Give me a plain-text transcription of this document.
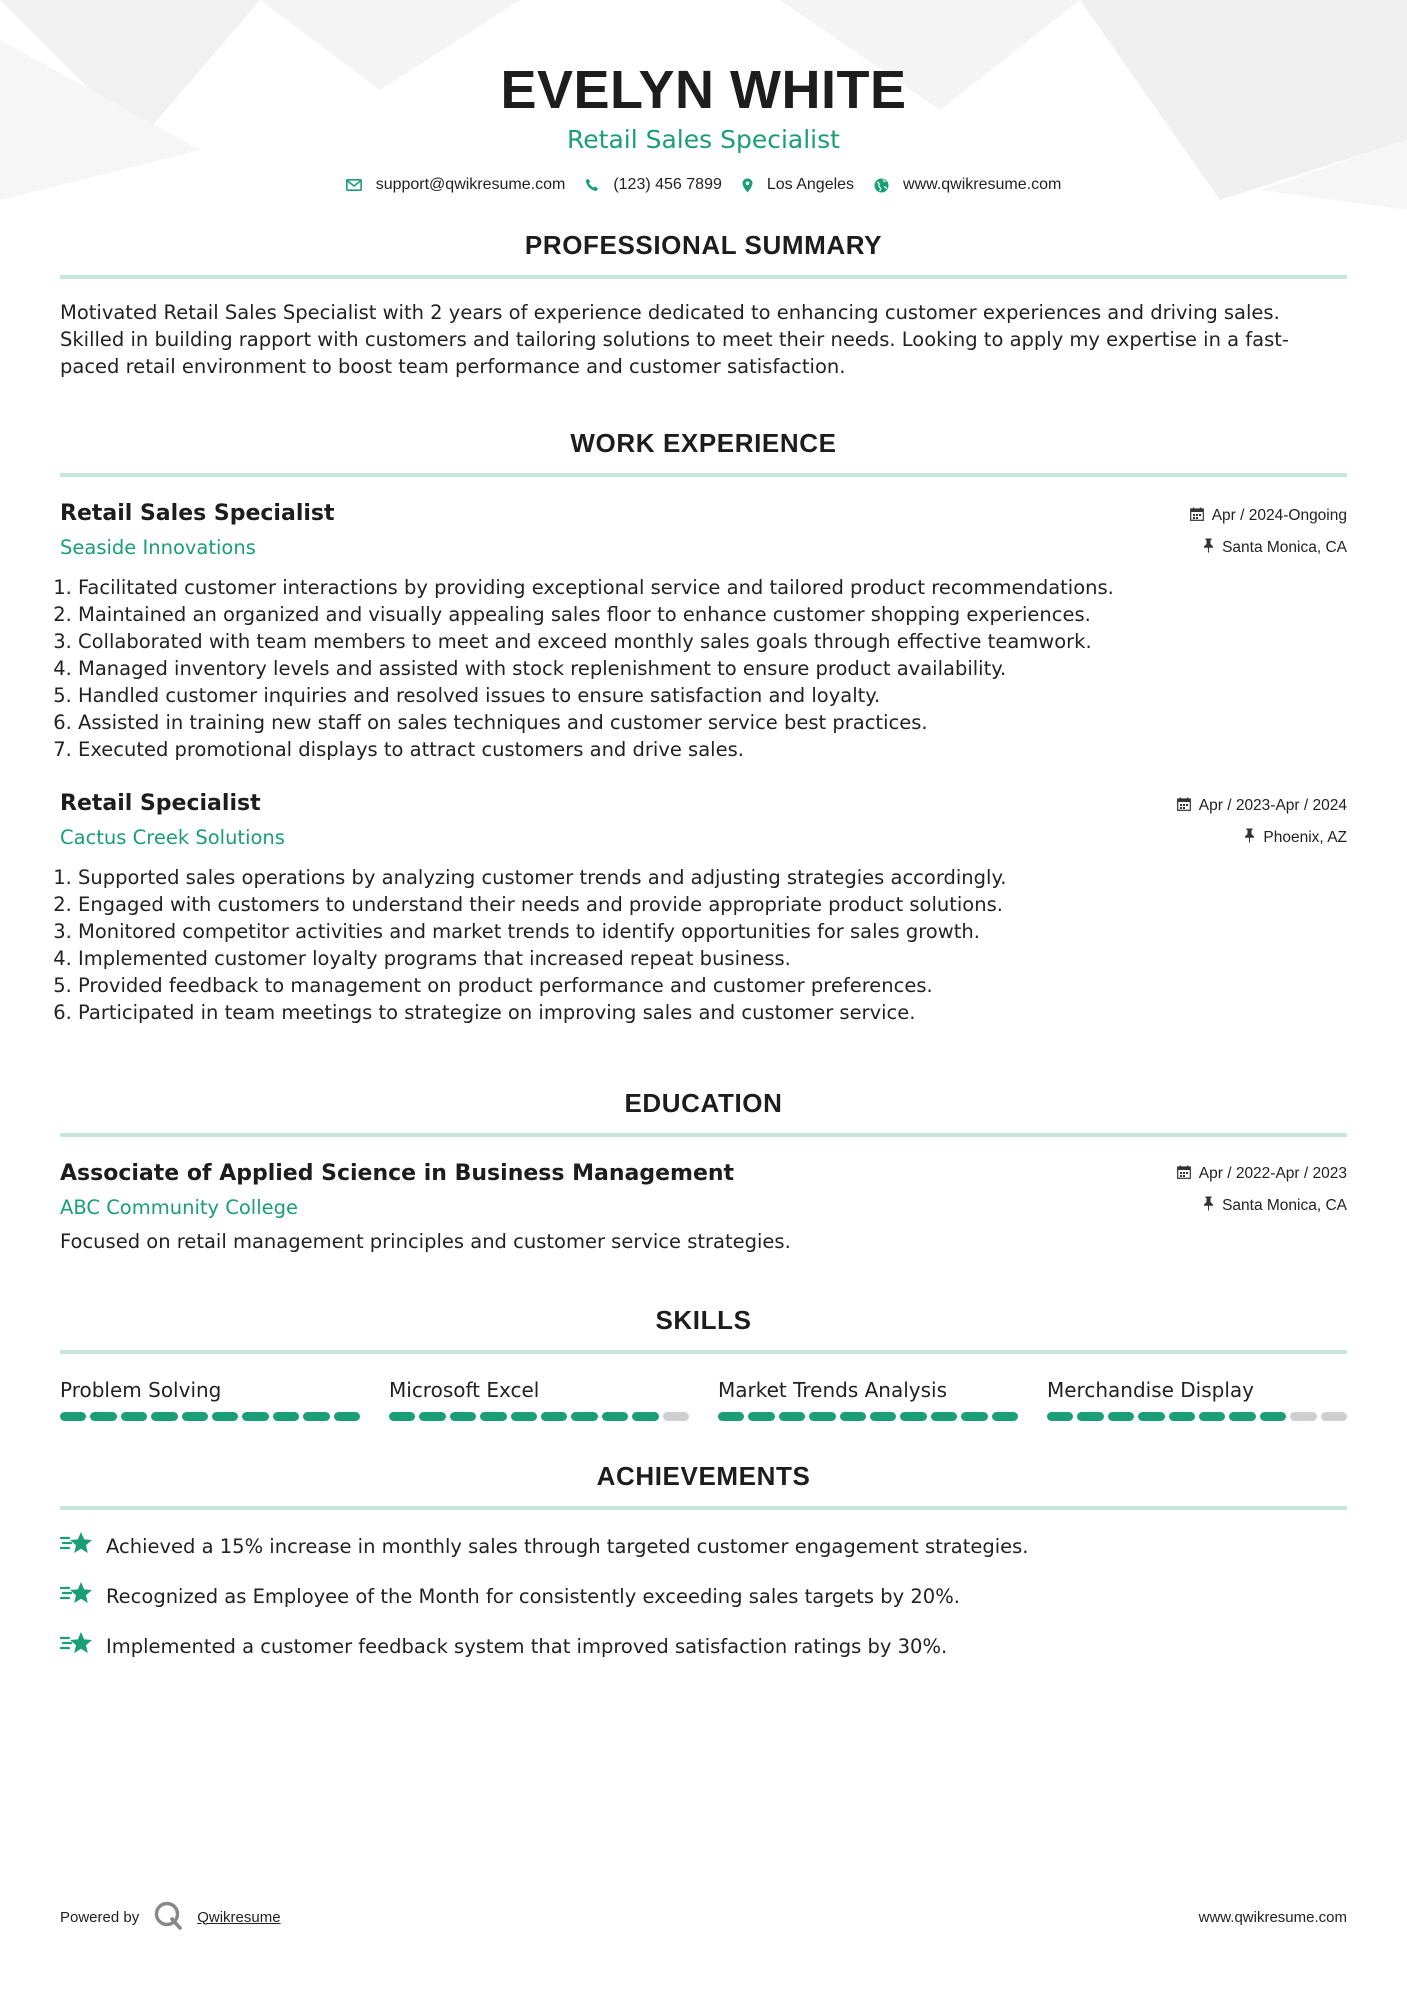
EVELYN WHITE
Retail Sales Specialist
support@qwikresume.com	(123) 456 7899	Los Angeles	www.qwikresume.com
PROFESSIONAL SUMMARY

Motivated Retail Sales Specialist with 2 years of experience dedicated to enhancing customer experiences and driving sales. Skilled in building rapport with customers and tailoring solutions to meet their needs. Looking to apply my expertise in a fast-paced retail environment to boost team performance and customer satisfaction.

WORK EXPERIENCE
Retail Sales Specialist
Seaside Innovations
Apr / 2024-Ongoing
Santa Monica, CA
1. Facilitated customer interactions by providing exceptional service and tailored product recommendations.
2. Maintained an organized and visually appealing sales floor to enhance customer shopping experiences.
3. Collaborated with team members to meet and exceed monthly sales goals through effective teamwork.
4. Managed inventory levels and assisted with stock replenishment to ensure product availability.
5. Handled customer inquiries and resolved issues to ensure satisfaction and loyalty.
6. Assisted in training new staff on sales techniques and customer service best practices.
7. Executed promotional displays to attract customers and drive sales.
Retail Specialist
Cactus Creek Solutions
Apr / 2023-Apr / 2024
Phoenix, AZ
1. Supported sales operations by analyzing customer trends and adjusting strategies accordingly.
2. Engaged with customers to understand their needs and provide appropriate product solutions.
3. Monitored competitor activities and market trends to identify opportunities for sales growth.
4. Implemented customer loyalty programs that increased repeat business.
5. Provided feedback to management on product performance and customer preferences.
6. Participated in team meetings to strategize on improving sales and customer service.
EDUCATION
Associate of Applied Science in Business Management
ABC Community College
Apr / 2022-Apr / 2023
Santa Monica, CA

Focused on retail management principles and customer service strategies.

SKILLS
Problem Solving	Microsoft Excel	Market Trends Analysis	Merchandise Display
ACHIEVEMENTS
Achieved a 15% increase in monthly sales through targeted customer engagement strategies.
Recognized as Employee of the Month for consistently exceeding sales targets by 20%.
Implemented a customer feedback system that improved satisfaction ratings by 30%.
Powered by	Qwikresume	www.qwikresume.com
